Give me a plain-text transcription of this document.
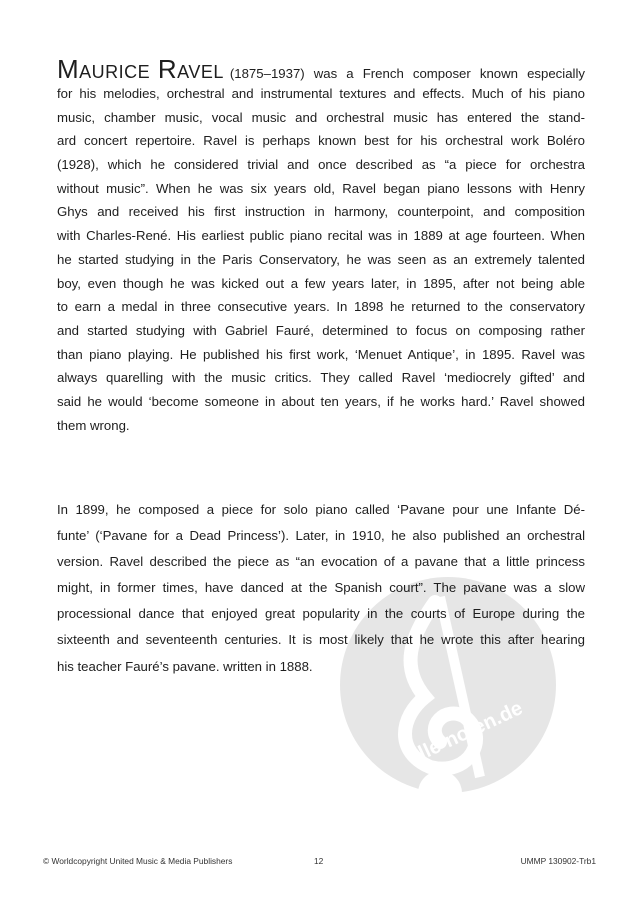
alle-noten.de
Maurice Ravel (1875–1937) was a French composer known especially
for his melodies, orchestral and instrumental textures and effects. Much of his piano
music, chamber music, vocal music and orchestral music has entered the stand-
ard concert repertoire. Ravel is perhaps known best for his orchestral work Boléro
(1928), which he considered trivial and once described as “a piece for orchestra
without music”. When he was six years old, Ravel began piano lessons with Henry
Ghys and received his first instruction in harmony, counterpoint, and composition
with Charles-René. His earliest public piano recital was in 1889 at age fourteen. When
he started studying in the Paris Conservatory, he was seen as an extremely talented
boy, even though he was kicked out a few years later, in 1895, after not being able
to earn a medal in three consecutive years. In 1898 he returned to the conservatory
and started studying with Gabriel Fauré, determined to focus on composing rather
than piano playing. He published his first work, ‘Menuet Antique’, in 1895. Ravel was
always quarelling with the music critics. They called Ravel ‘mediocrely gifted’ and
said he would ‘become someone in about ten years, if he works hard.’ Ravel showed
them wrong.
In 1899, he composed a piece for solo piano called ‘Pavane pour une Infante Dé-
funte’ (‘Pavane for a Dead Princess’). Later, in 1910, he also published an orchestral
version. Ravel described the piece as “an evocation of a pavane that a little princess
might, in former times, have danced at the Spanish court”. The pavane was a slow
processional dance that enjoyed great popularity in the courts of Europe during the
sixteenth and seventeenth centuries. It is most likely that he wrote this after hearing
his teacher Fauré’s pavane. written in 1888.
© Worldcopyright United Music & Media Publishers	12	UMMP 130902-Trb1
